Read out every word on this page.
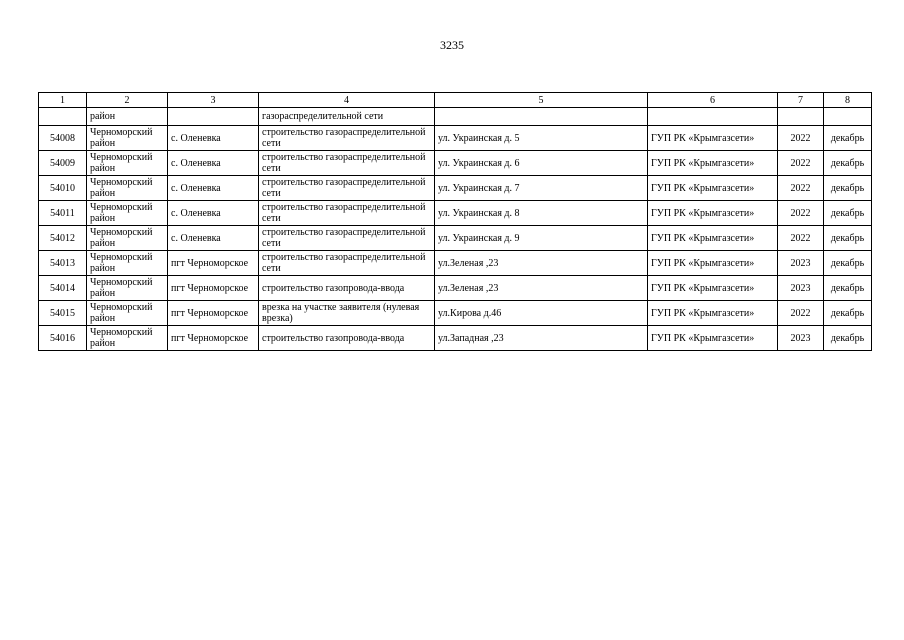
3235
1	2	3	4	5	6	7	8
	район		газораспределительной сети				
54008	Черноморский район	с. Оленевка	строительство газораспределительной сети	ул. Украинская д. 5	ГУП РК «Крымгазсети»	2022	декабрь
54009	Черноморский район	с. Оленевка	строительство газораспределительной сети	ул. Украинская д. 6	ГУП РК «Крымгазсети»	2022	декабрь
54010	Черноморский район	с. Оленевка	строительство газораспределительной сети	ул. Украинская д. 7	ГУП РК «Крымгазсети»	2022	декабрь
54011	Черноморский район	с. Оленевка	строительство газораспределительной сети	ул. Украинская д. 8	ГУП РК «Крымгазсети»	2022	декабрь
54012	Черноморский район	с. Оленевка	строительство газораспределительной сети	ул. Украинская д. 9	ГУП РК «Крымгазсети»	2022	декабрь
54013	Черноморский район	пгт Черноморское	строительство газораспределительной сети	ул.Зеленая ,23	ГУП РК «Крымгазсети»	2023	декабрь
54014	Черноморский район	пгт Черноморское	строительство газопровода-ввода	ул.Зеленая ,23	ГУП РК «Крымгазсети»	2023	декабрь
54015	Черноморский район	пгт Черноморское	врезка на участке заявителя (нулевая врезка)	ул.Кирова д.46	ГУП РК «Крымгазсети»	2022	декабрь
54016	Черноморский район	пгт Черноморское	строительство газопровода-ввода	ул.Западная ,23	ГУП РК «Крымгазсети»	2023	декабрь
